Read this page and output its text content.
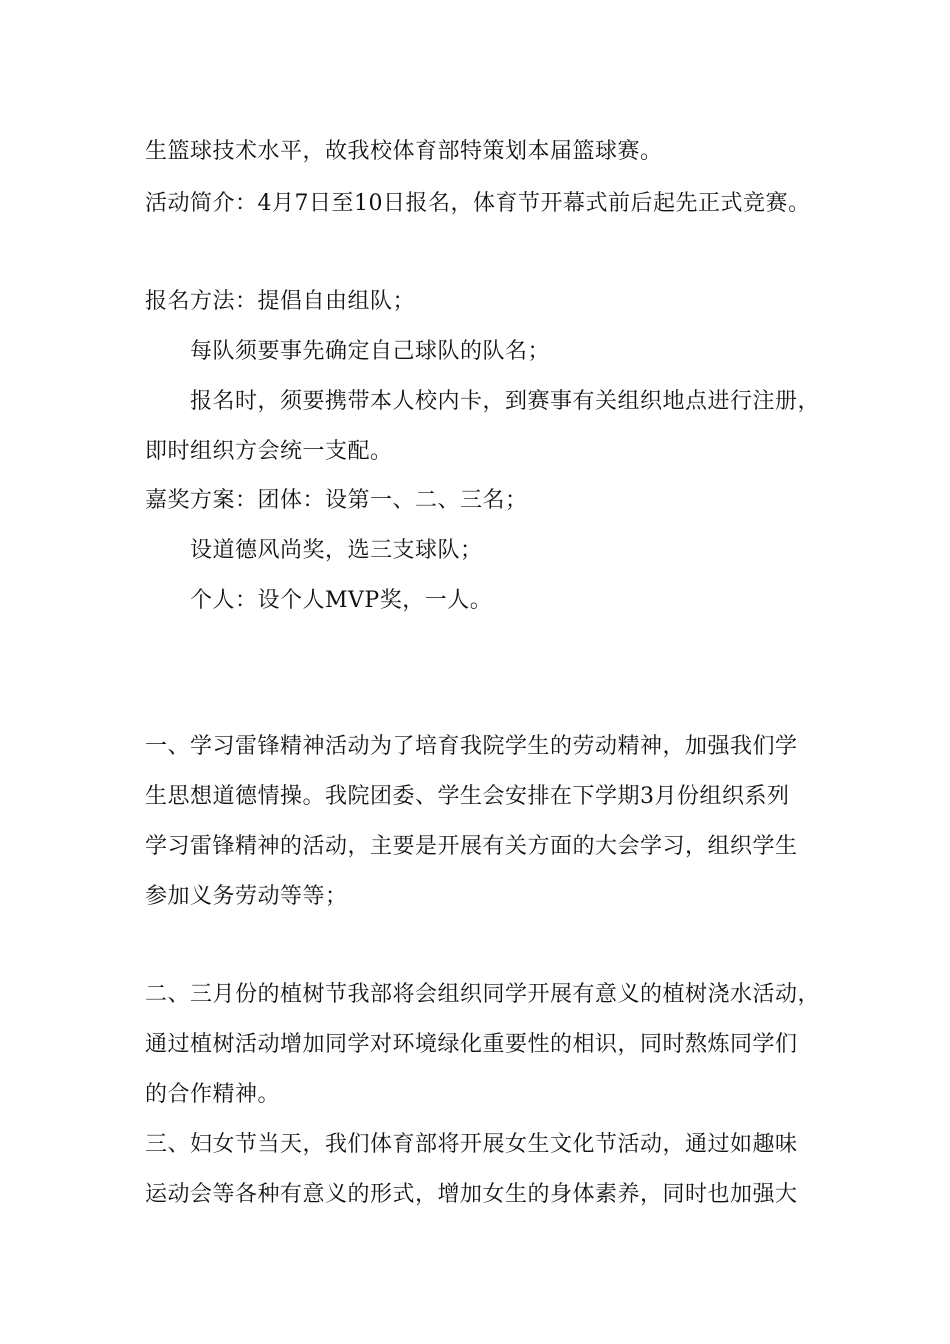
生篮球技术水平，故我校体育部特策划本届篮球赛。
活动简介：4月7日至10日报名，体育节开幕式前后起先正式竞赛。
报名方法：提倡自由组队；
每队须要事先确定自己球队的队名；
报名时，须要携带本人校内卡，到赛事有关组织地点进行注册，
即时组织方会统一支配。
嘉奖方案：团体：设第一、二、三名；
设道德风尚奖，选三支球队；
个人：设个人MVP奖，一人。
一、学习雷锋精神活动为了培育我院学生的劳动精神，加强我们学
生思想道德情操。我院团委、学生会安排在下学期3月份组织系列
学习雷锋精神的活动，主要是开展有关方面的大会学习，组织学生
参加义务劳动等等；
二、三月份的植树节我部将会组织同学开展有意义的植树浇水活动，
通过植树活动增加同学对环境绿化重要性的相识，同时熬炼同学们
的合作精神。
三、妇女节当天，我们体育部将开展女生文化节活动，通过如趣味
运动会等各种有意义的形式，增加女生的身体素养，同时也加强大
